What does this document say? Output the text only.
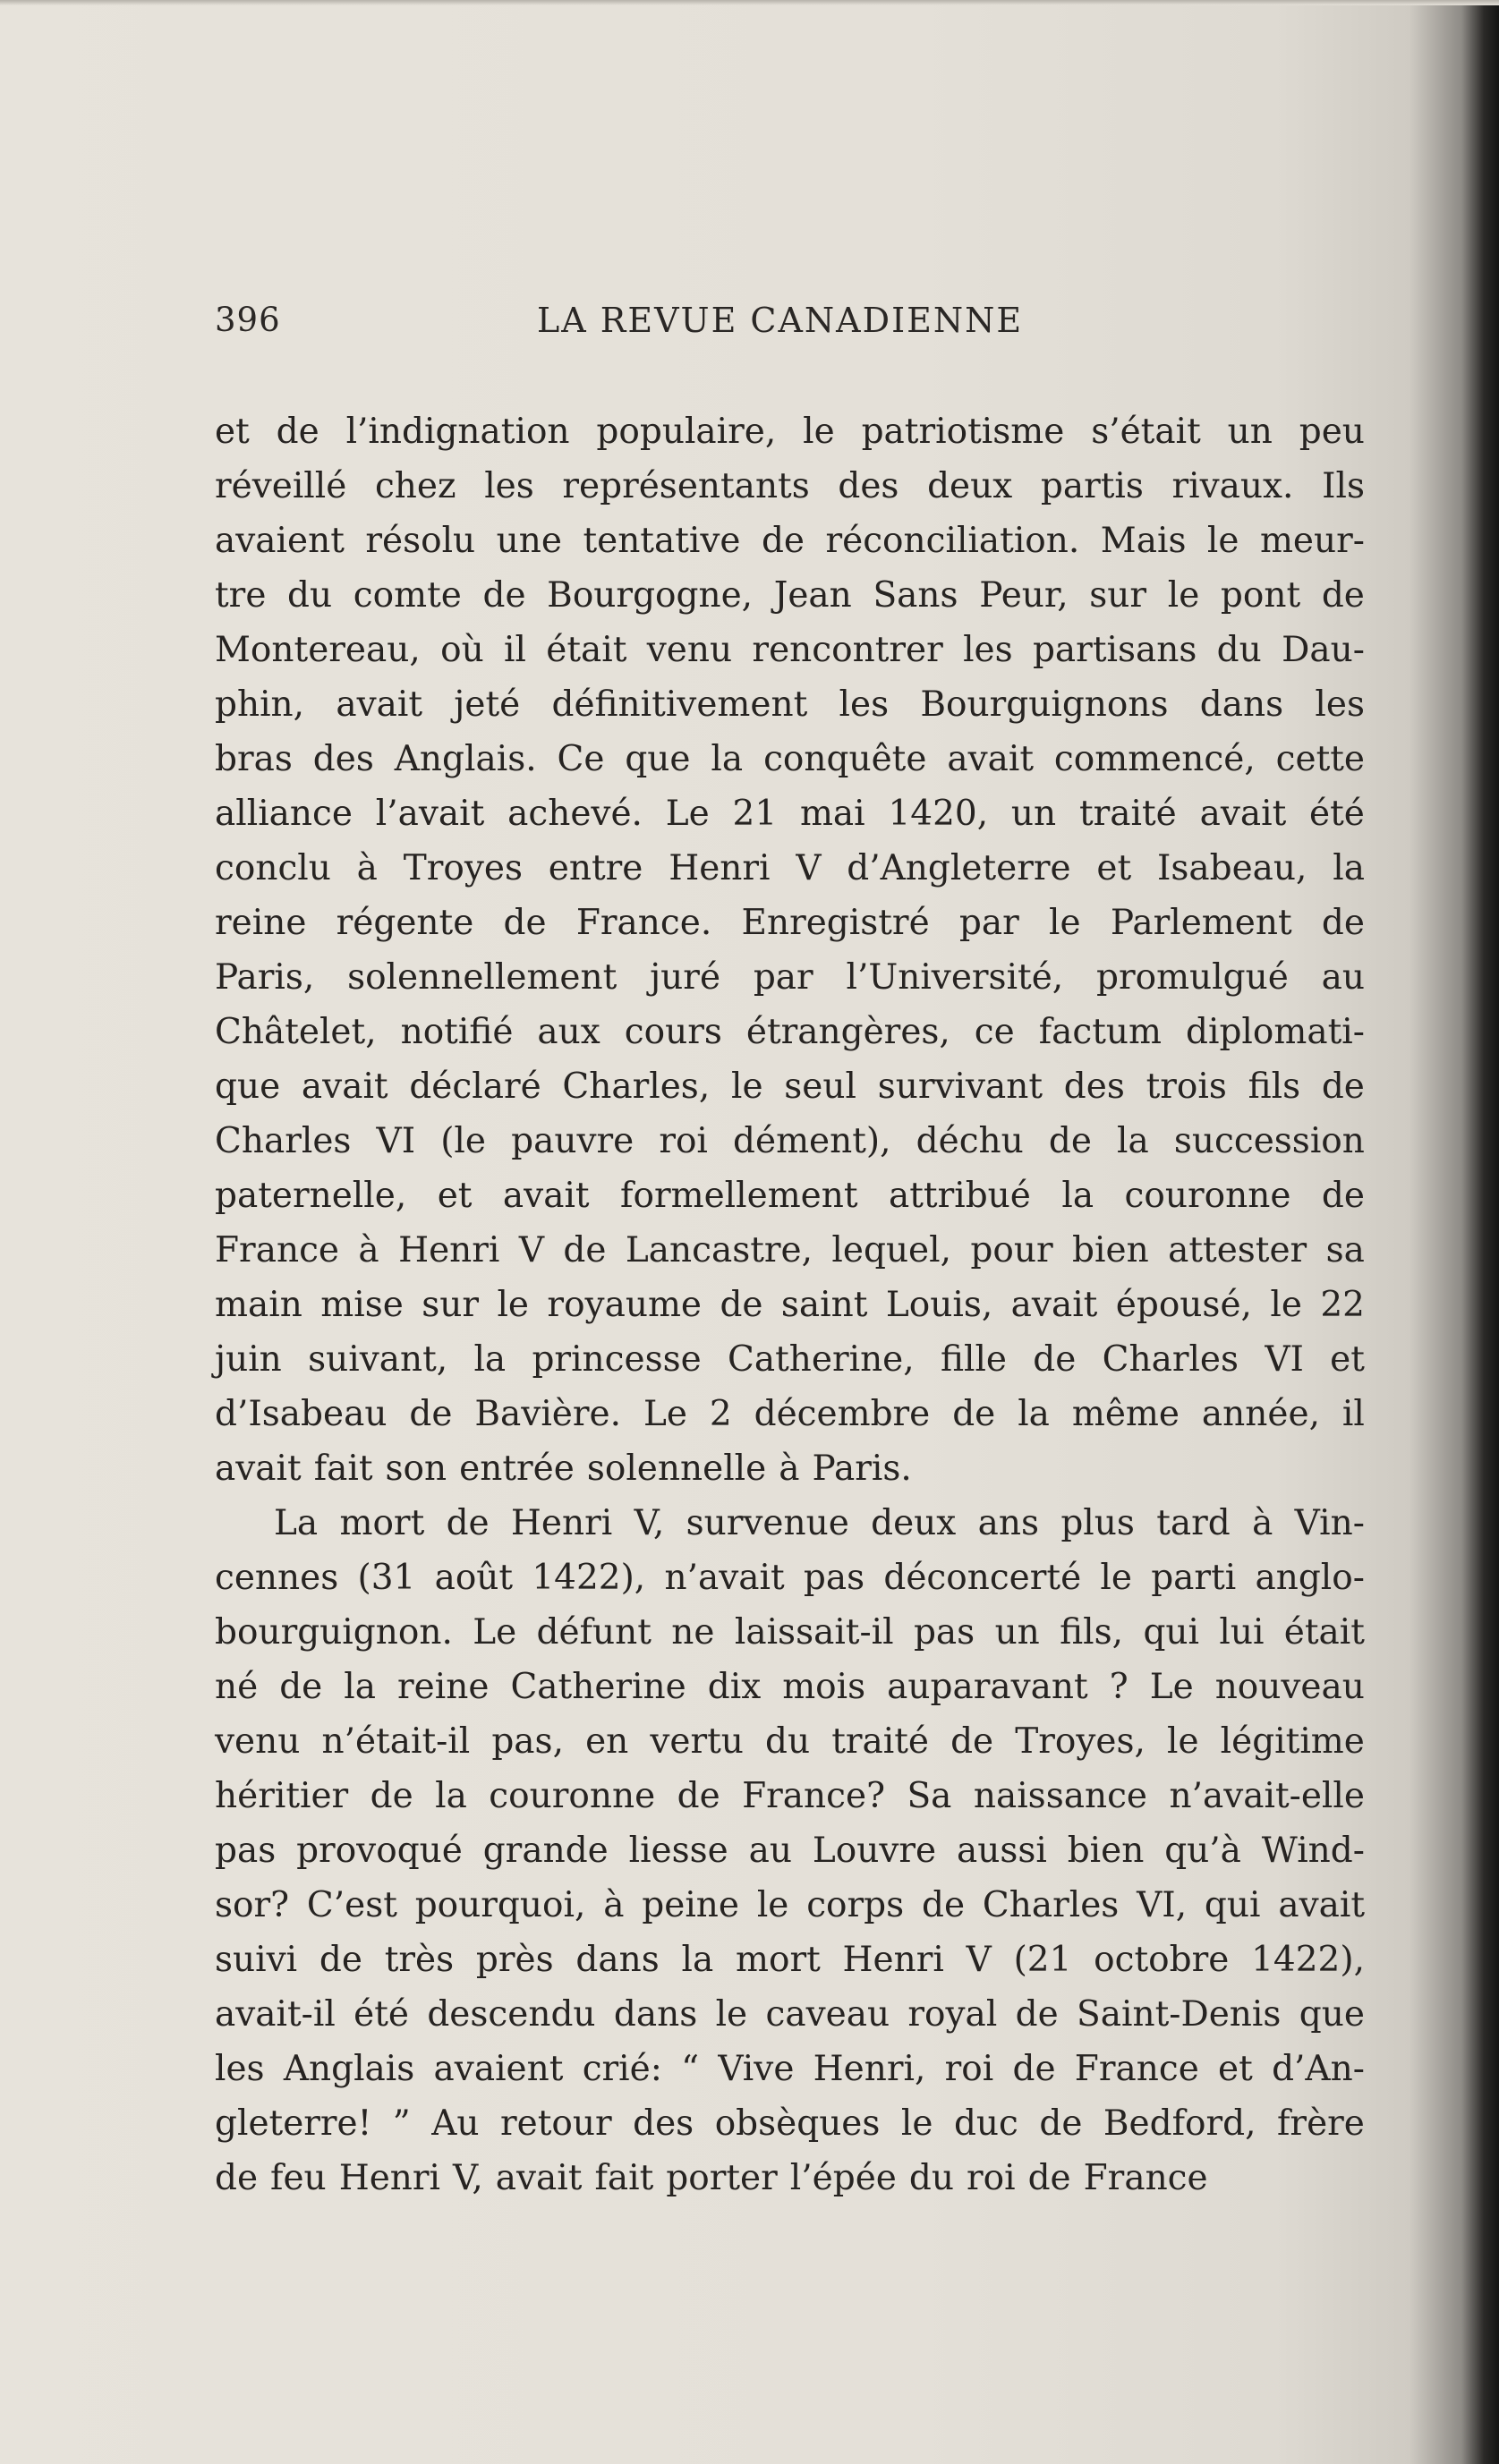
396	LA REVUE CANADIENNE
et de l’indignation populaire, le patriotisme s’était un peu
réveillé chez les représentants des deux partis rivaux. Ils
avaient résolu une tentative de réconciliation. Mais le meur-
tre du comte de Bourgogne, Jean Sans Peur, sur le pont de
Montereau, où il était venu rencontrer les partisans du Dau-
phin, avait jeté définitivement les Bourguignons dans les
bras des Anglais. Ce que la conquête avait commencé, cette
alliance l’avait achevé. Le 21 mai 1420, un traité avait été
conclu à Troyes entre Henri V d’Angleterre et Isabeau, la
reine régente de France. Enregistré par le Parlement de
Paris, solennellement juré par l’Université, promulgué au
Châtelet, notifié aux cours étrangères, ce factum diplomati-
que avait déclaré Charles, le seul survivant des trois fils de
Charles VI (le pauvre roi dément), déchu de la succession
paternelle, et avait formellement attribué la couronne de
France à Henri V de Lancastre, lequel, pour bien attester sa
main mise sur le royaume de saint Louis, avait épousé, le 22
juin suivant, la princesse Catherine, fille de Charles VI et
d’Isabeau de Bavière. Le 2 décembre de la même année, il
avait fait son entrée solennelle à Paris.
La mort de Henri V, survenue deux ans plus tard à Vin-
cennes (31 août 1422), n’avait pas déconcerté le parti anglo-
bourguignon. Le défunt ne laissait-il pas un fils, qui lui était
né de la reine Catherine dix mois auparavant ? Le nouveau
venu n’était-il pas, en vertu du traité de Troyes, le légitime
héritier de la couronne de France? Sa naissance n’avait-elle
pas provoqué grande liesse au Louvre aussi bien qu’à Wind-
sor? C’est pourquoi, à peine le corps de Charles VI, qui avait
suivi de très près dans la mort Henri V (21 octobre 1422),
avait-il été descendu dans le caveau royal de Saint-Denis que
les Anglais avaient crié: “ Vive Henri, roi de France et d’An-
gleterre! ” Au retour des obsèques le duc de Bedford, frère
de feu Henri V, avait fait porter l’épée du roi de France
